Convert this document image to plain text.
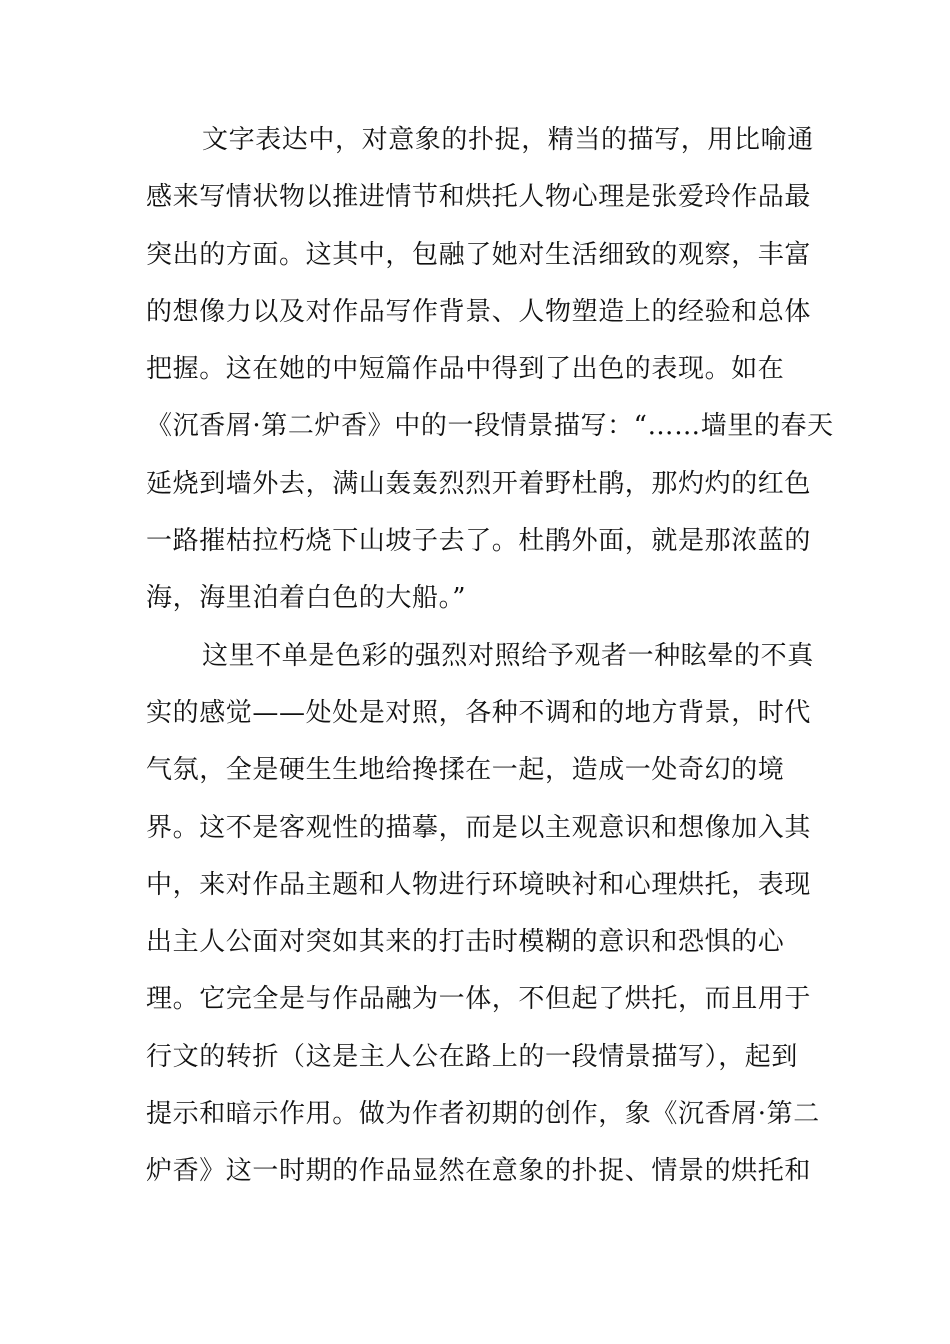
文字表达中，对意象的扑捉，精当的描写，用比喻通
感来写情状物以推进情节和烘托人物心理是张爱玲作品最
突出的方面。这其中，包融了她对生活细致的观察，丰富
的想像力以及对作品写作背景、人物塑造上的经验和总体
把握。这在她的中短篇作品中得到了出色的表现。如在
《沉香屑·第二炉香》中的一段情景描写：“……墙里的春天
延烧到墙外去，满山轰轰烈烈开着野杜鹃，那灼灼的红色
一路摧枯拉朽烧下山坡子去了。杜鹃外面，就是那浓蓝的
海，海里泊着白色的大船。”
这里不单是色彩的强烈对照给予观者一种眩晕的不真
实的感觉——处处是对照，各种不调和的地方背景，时代
气氛，全是硬生生地给搀揉在一起，造成一处奇幻的境
界。这不是客观性的描摹，而是以主观意识和想像加入其
中，来对作品主题和人物进行环境映衬和心理烘托，表现
出主人公面对突如其来的打击时模糊的意识和恐惧的心
理。它完全是与作品融为一体，不但起了烘托，而且用于
行文的转折（这是主人公在路上的一段情景描写），起到
提示和暗示作用。做为作者初期的创作，象《沉香屑·第二
炉香》这一时期的作品显然在意象的扑捉、情景的烘托和
